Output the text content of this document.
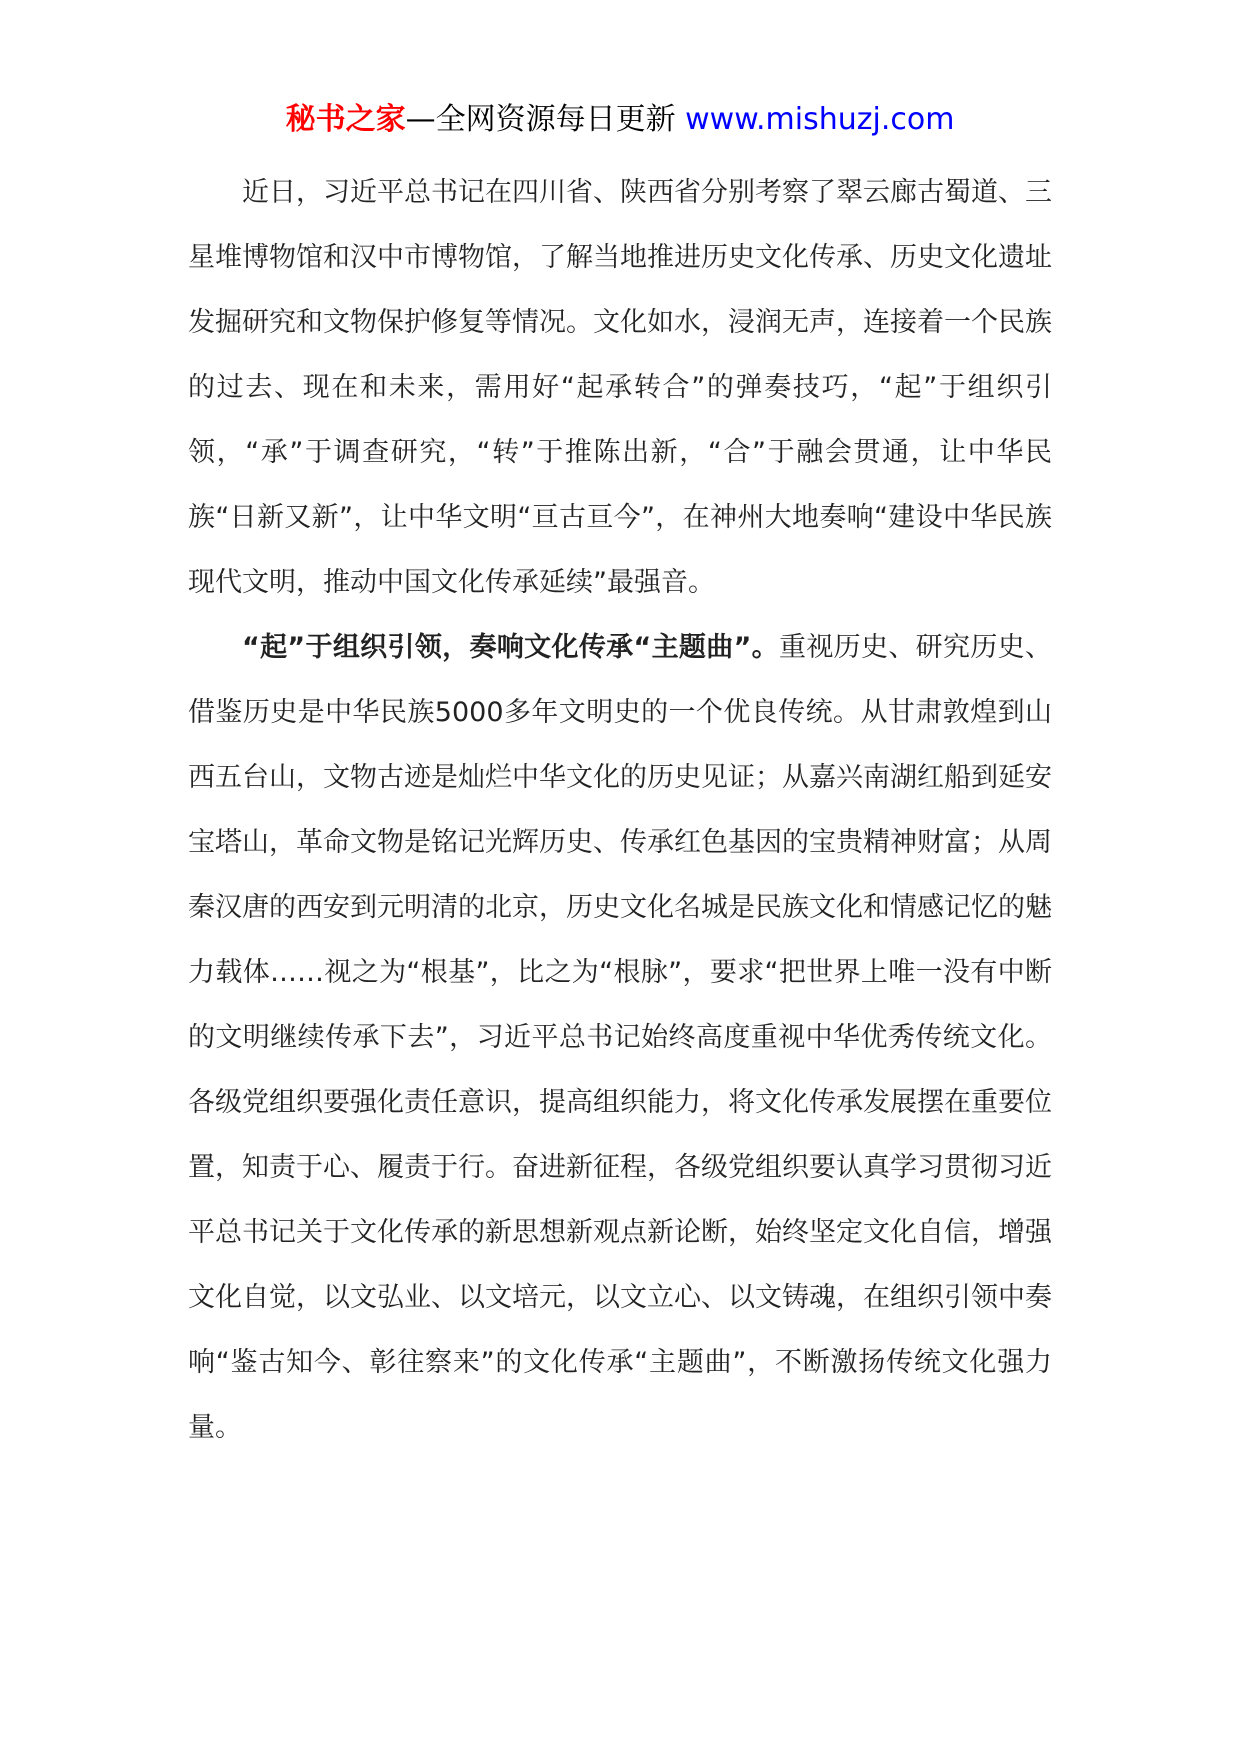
秘书之家—全网资源每日更新 www.mishuzj.com

近日，习近平总书记在四川省、陕西省分别考察了翠云廊古蜀道、三星堆博物馆和汉中市博物馆，了解当地推进历史文化传承、历史文化遗址发掘研究和文物保护修复等情况。文化如水，浸润无声，连接着一个民族的过去、现在和未来，需用好“起承转合”的弹奏技巧，“起”于组织引领，“承”于调查研究，“转”于推陈出新，“合”于融会贯通，让中华民族“日新又新”，让中华文明“亘古亘今”，在神州大地奏响“建设中华民族现代文明，推动中国文化传承延续”最强音。

“起”于组织引领，奏响文化传承“主题曲”。重视历史、研究历史、借鉴历史是中华民族5000多年文明史的一个优良传统。从甘肃敦煌到山西五台山，文物古迹是灿烂中华文化的历史见证；从嘉兴南湖红船到延安宝塔山，革命文物是铭记光辉历史、传承红色基因的宝贵精神财富；从周秦汉唐的西安到元明清的北京，历史文化名城是民族文化和情感记忆的魅力载体……视之为“根基”，比之为“根脉”，要求“把世界上唯一没有中断的文明继续传承下去”，习近平总书记始终高度重视中华优秀传统文化。各级党组织要强化责任意识，提高组织能力，将文化传承发展摆在重要位置，知责于心、履责于行。奋进新征程，各级党组织要认真学习贯彻习近平总书记关于文化传承的新思想新观点新论断，始终坚定文化自信，增强文化自觉，以文弘业、以文培元，以文立心、以文铸魂，在组织引领中奏响“鉴古知今、彰往察来”的文化传承“主题曲”，不断激扬传统文化强力量。
